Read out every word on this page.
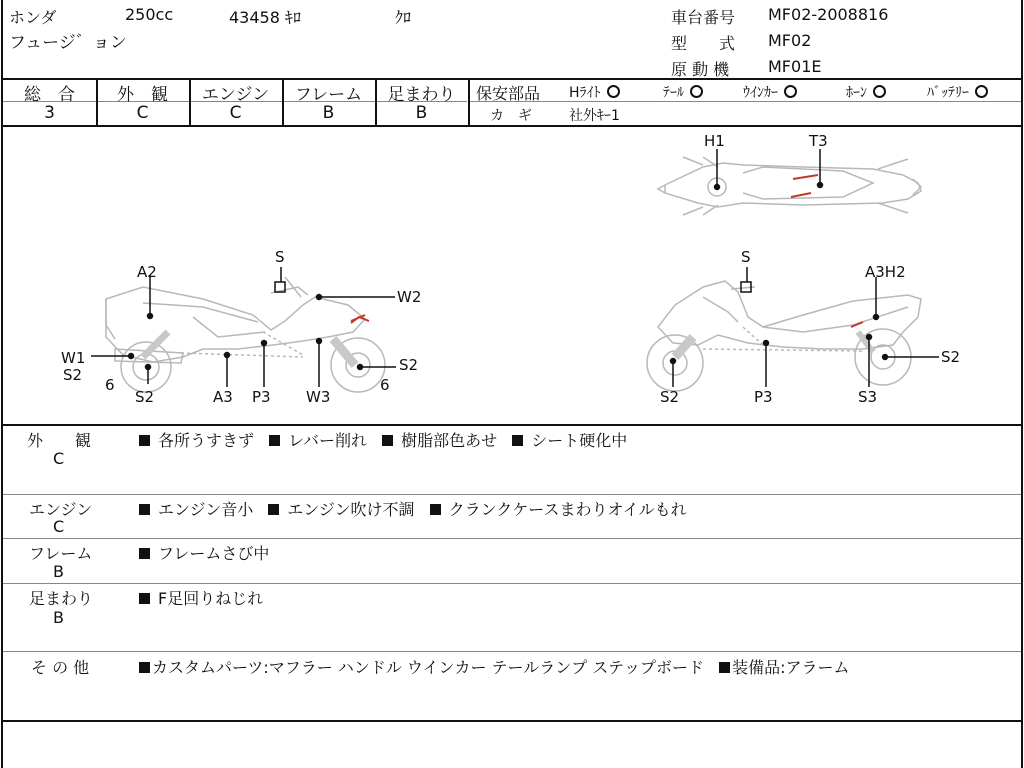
ホンダ	250cc	43458 ｷﾛ	ｸﾛ
フュージ゛ョン
車台番号 MF02-2008816
型　　式 MF02
原 動 機 MF01E
総　合
3
外　観
C
エンジン
C
フレーム
B
足まわり
B
保安部品 Hﾗｲﾄ	ﾃｰﾙ	ｳｲﾝｶｰ	ﾎｰﾝ	ﾊﾞｯﾃﾘｰ
カ　ギ	社外ｷｰ1
A2
S
W2
W1
S2
6
S2	A3 P3 W3
6
S2
S
A3H2
S2
S2	P3	S3
H1	T3
外　　観
C
各所うすきず レバー削れ 樹脂部色あせ シート硬化中
エンジン
C
エンジン音小 エンジン吹け不調 クランクケースまわりオイルもれ
フレーム
B
フレームさび中
足まわり
B
F足回りねじれ
そ の 他	カスタムパーツ:マフラー ハンドル ウインカー テールランプ ステップボード 装備品:アラーム
